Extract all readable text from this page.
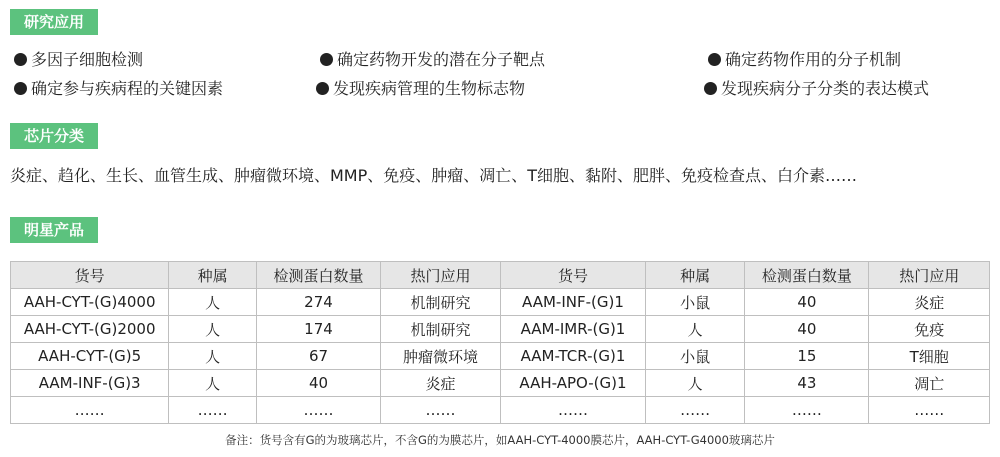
研究应用
多因子细胞检测	确定药物开发的潜在分子靶点	确定药物作用的分子机制
确定参与疾病程的关键因素	发现疾病管理的生物标志物	发现疾病分子分类的表达模式
芯片分类
炎症、趋化、生长、血管生成、肿瘤微环境、MMP、免疫、肿瘤、凋亡、T细胞、黏附、肥胖、免疫检查点、白介素……
明星产品
货号	种属	检测蛋白数量	热门应用	货号	种属	检测蛋白数量	热门应用
AAH-CYT-(G)4000	人	274	机制研究	AAM-INF-(G)1	小鼠	40	炎症
AAH-CYT-(G)2000	人	174	机制研究	AAM-IMR-(G)1	人	40	免疫
AAH-CYT-(G)5	人	67	肿瘤微环境	AAM-TCR-(G)1	小鼠	15	T细胞
AAM-INF-(G)3	人	40	炎症	AAH-APO-(G)1	人	43	凋亡
……	……	……	……	……	……	……	……
备注：货号含有G的为玻璃芯片，不含G的为膜芯片，如AAH-CYT-4000膜芯片，AAH-CYT-G4000玻璃芯片
